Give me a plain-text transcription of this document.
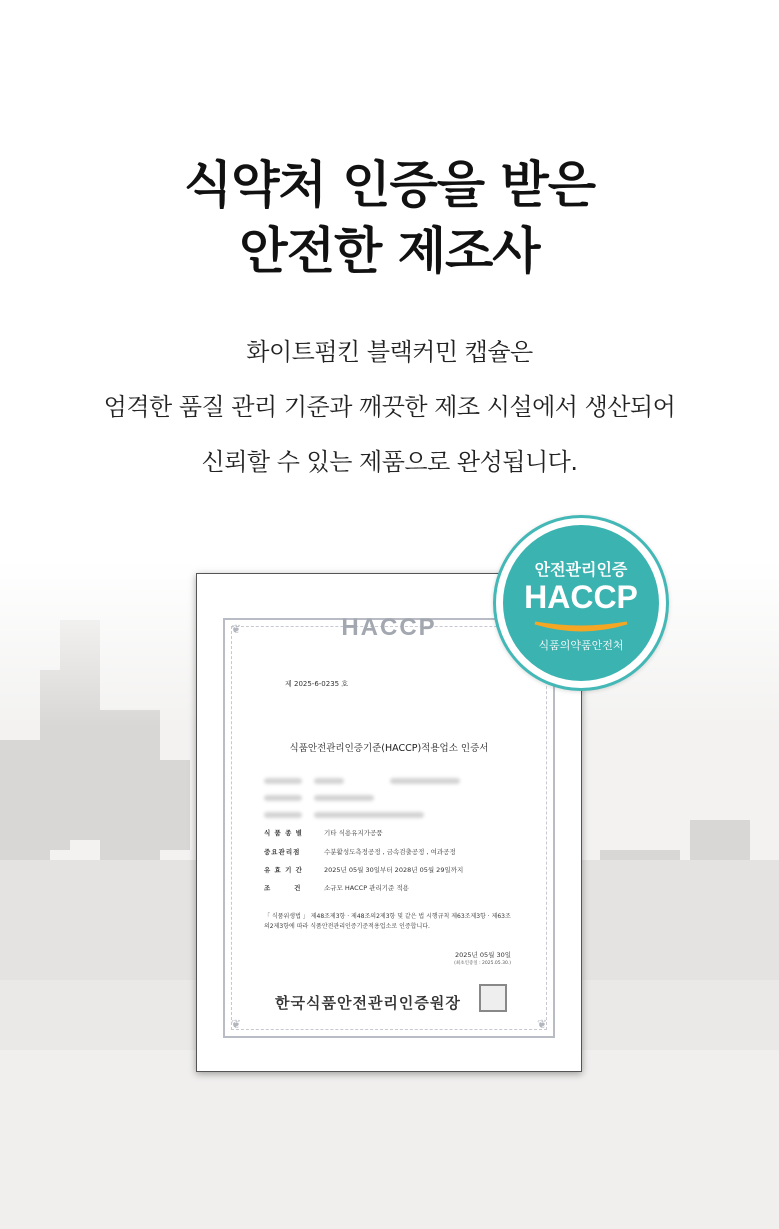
식약처 인증을 받은
안전한 제조사
화이트펌킨 블랙커민 캡슐은
엄격한 품질 관리 기준과 깨끗한 제조 시설에서 생산되어
신뢰할 수 있는 제품으로 완성됩니다.
❦
❦	❦
HACCP
제 2025-6-0235 호
식품안전관리인증기준(HACCP)적용업소 인증서

식 품 종 별	기타 식용유지가공품
중요관리점	수분활성도측정공정 , 금속검출공정 , 여과공정
유 효 기 간	2025년 05월 30일부터 2028년 05월 29일까지
조       건	소규모 HACCP 관리기준 적용
「 식품위생법 」 제48조제3항 · 제48조의2제3항 및 같은 법 시행규칙 제63조제3항 · 제63조의2제3항에 따라 식품안전관리인증기준적용업소로 인증합니다.
2025년 05월 30일
(최초인증일 : 2025.05.30.)
한국식품안전관리인증원장
안전관리인증
HACCP
식품의약품안전처
